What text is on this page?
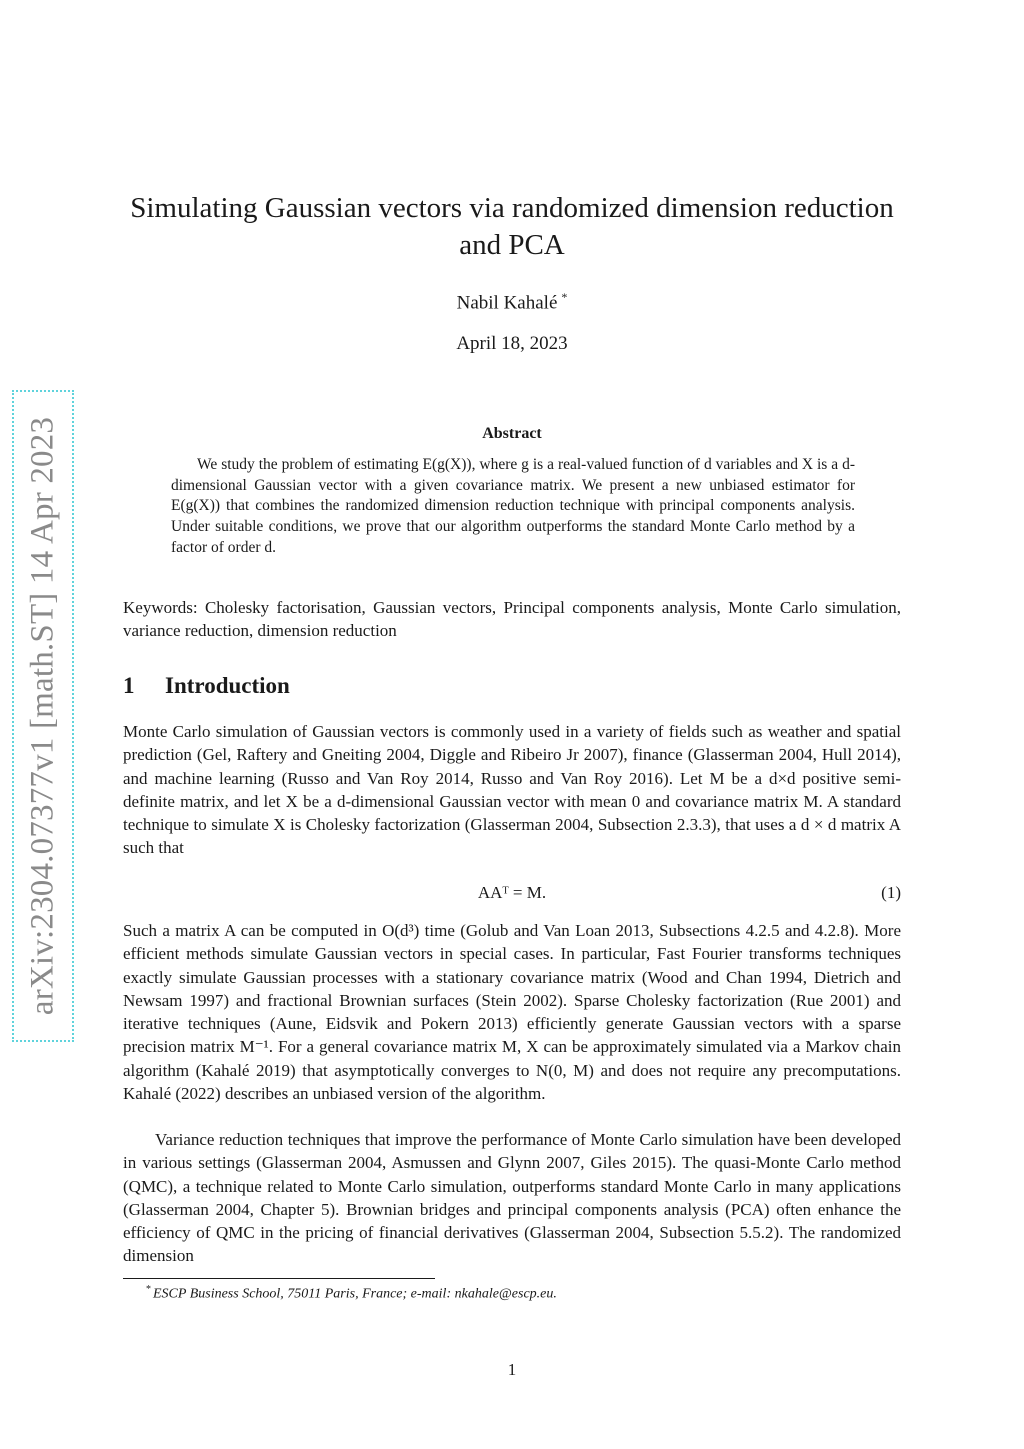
arXiv:2304.07377v1 [math.ST] 14 Apr 2023
Simulating Gaussian vectors via randomized dimension reduction and PCA
Nabil Kahalé *
April 18, 2023
Abstract

We study the problem of estimating E(g(X)), where g is a real-valued function of d variables and X is a d-dimensional Gaussian vector with a given covariance matrix. We present a new unbiased estimator for E(g(X)) that combines the randomized dimension reduction technique with principal components analysis. Under suitable conditions, we prove that our algorithm outperforms the standard Monte Carlo method by a factor of order d.

Keywords: Cholesky factorisation, Gaussian vectors, Principal components analysis, Monte Carlo simulation, variance reduction, dimension reduction

1 Introduction

Monte Carlo simulation of Gaussian vectors is commonly used in a variety of fields such as weather and spatial prediction (Gel, Raftery and Gneiting 2004, Diggle and Ribeiro Jr 2007), finance (Glasserman 2004, Hull 2014), and machine learning (Russo and Van Roy 2014, Russo and Van Roy 2016). Let M be a d×d positive semi-definite matrix, and let X be a d-dimensional Gaussian vector with mean 0 and covariance matrix M. A standard technique to simulate X is Cholesky factorization (Glasserman 2004, Subsection 2.3.3), that uses a d × d matrix A such that

AAᵀ = M.	(1)

Such a matrix A can be computed in O(d³) time (Golub and Van Loan 2013, Subsections 4.2.5 and 4.2.8). More efficient methods simulate Gaussian vectors in special cases. In particular, Fast Fourier transforms techniques exactly simulate Gaussian processes with a stationary covariance matrix (Wood and Chan 1994, Dietrich and Newsam 1997) and fractional Brownian surfaces (Stein 2002). Sparse Cholesky factorization (Rue 2001) and iterative techniques (Aune, Eidsvik and Pokern 2013) efficiently generate Gaussian vectors with a sparse precision matrix M⁻¹. For a general covariance matrix M, X can be approximately simulated via a Markov chain algorithm (Kahalé 2019) that asymptotically converges to N(0, M) and does not require any precomputations. Kahalé (2022) describes an unbiased version of the algorithm.

Variance reduction techniques that improve the performance of Monte Carlo simulation have been developed in various settings (Glasserman 2004, Asmussen and Glynn 2007, Giles 2015). The quasi-Monte Carlo method (QMC), a technique related to Monte Carlo simulation, outperforms standard Monte Carlo in many applications (Glasserman 2004, Chapter 5). Brownian bridges and principal components analysis (PCA) often enhance the efficiency of QMC in the pricing of financial derivatives (Glasserman 2004, Subsection 5.5.2). The randomized dimension

* ESCP Business School, 75011 Paris, France; e-mail: nkahale@escp.eu.
1
